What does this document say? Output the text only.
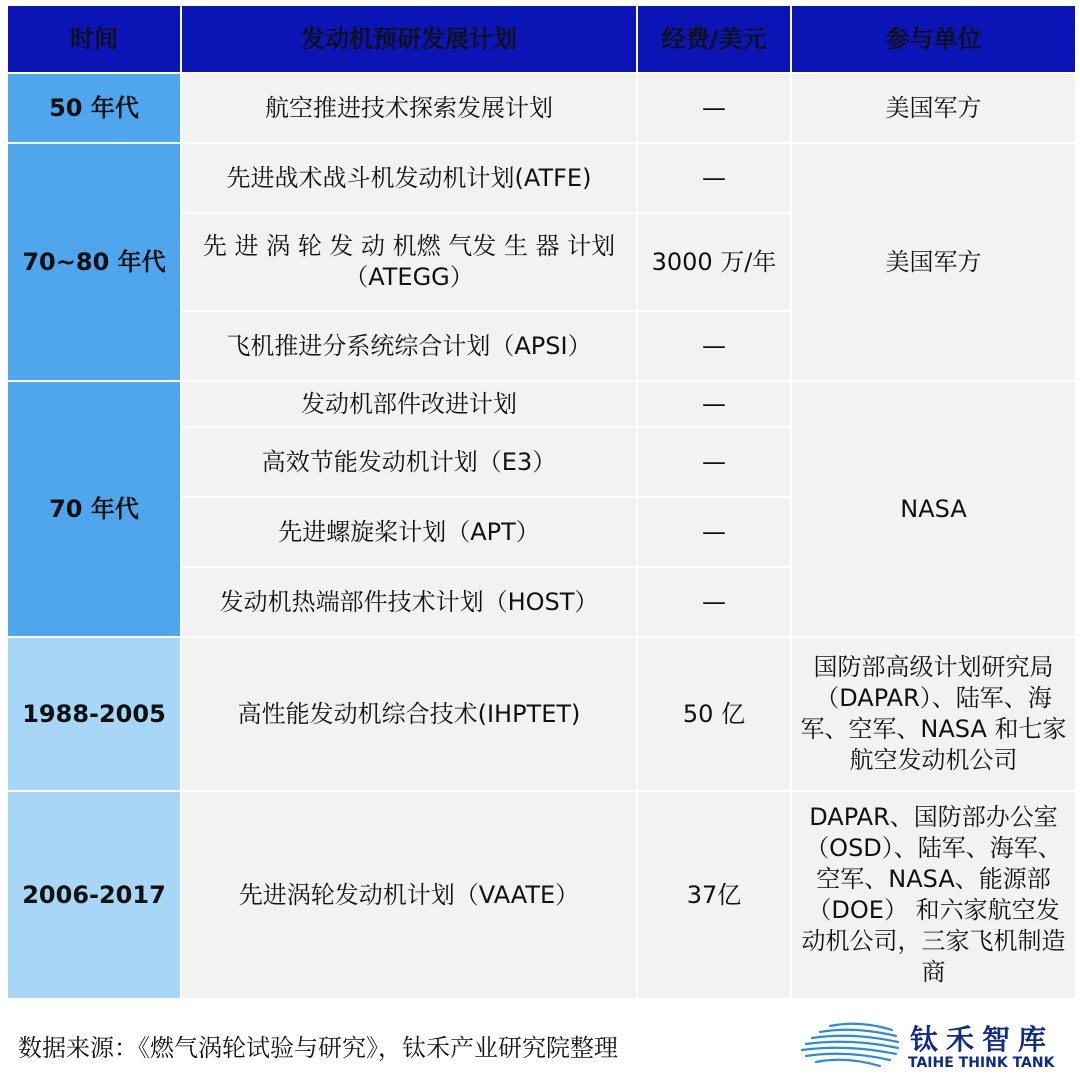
时间	发动机预研发展计划	经费/美元	参与单位
50 年代	航空推进技术探索发展计划	—	美国军方
70~80 年代	先进战术战斗机发动机计划(ATFE)	—	美国军方
	先 进 涡 轮 发 动 机燃 气发 生 器 计划（ATEGG）	3000 万/年	
	飞机推进分系统综合计划（APSI）	—	
70 年代	发动机部件改进计划	—	NASA
	高效节能发动机计划（E3）	—	
	先进螺旋桨计划（APT）	—	
	发动机热端部件技术计划（HOST）	—	
1988-2005	高性能发动机综合技术(IHPTET)	50 亿	国防部高级计划研究局（DAPAR）、陆军、海军、空军、NASA 和七家航空发动机公司
2006-2017	先进涡轮发动机计划（VAATE）	37亿	DAPAR、国防部办公室（OSD）、陆军、海军、空军、NASA、能源部（DOE） 和六家航空发动机公司，三家飞机制造商
数据来源：《燃气涡轮试验与研究》，钛禾产业研究院整理	钛禾智库
TAIHE THINK TANK
